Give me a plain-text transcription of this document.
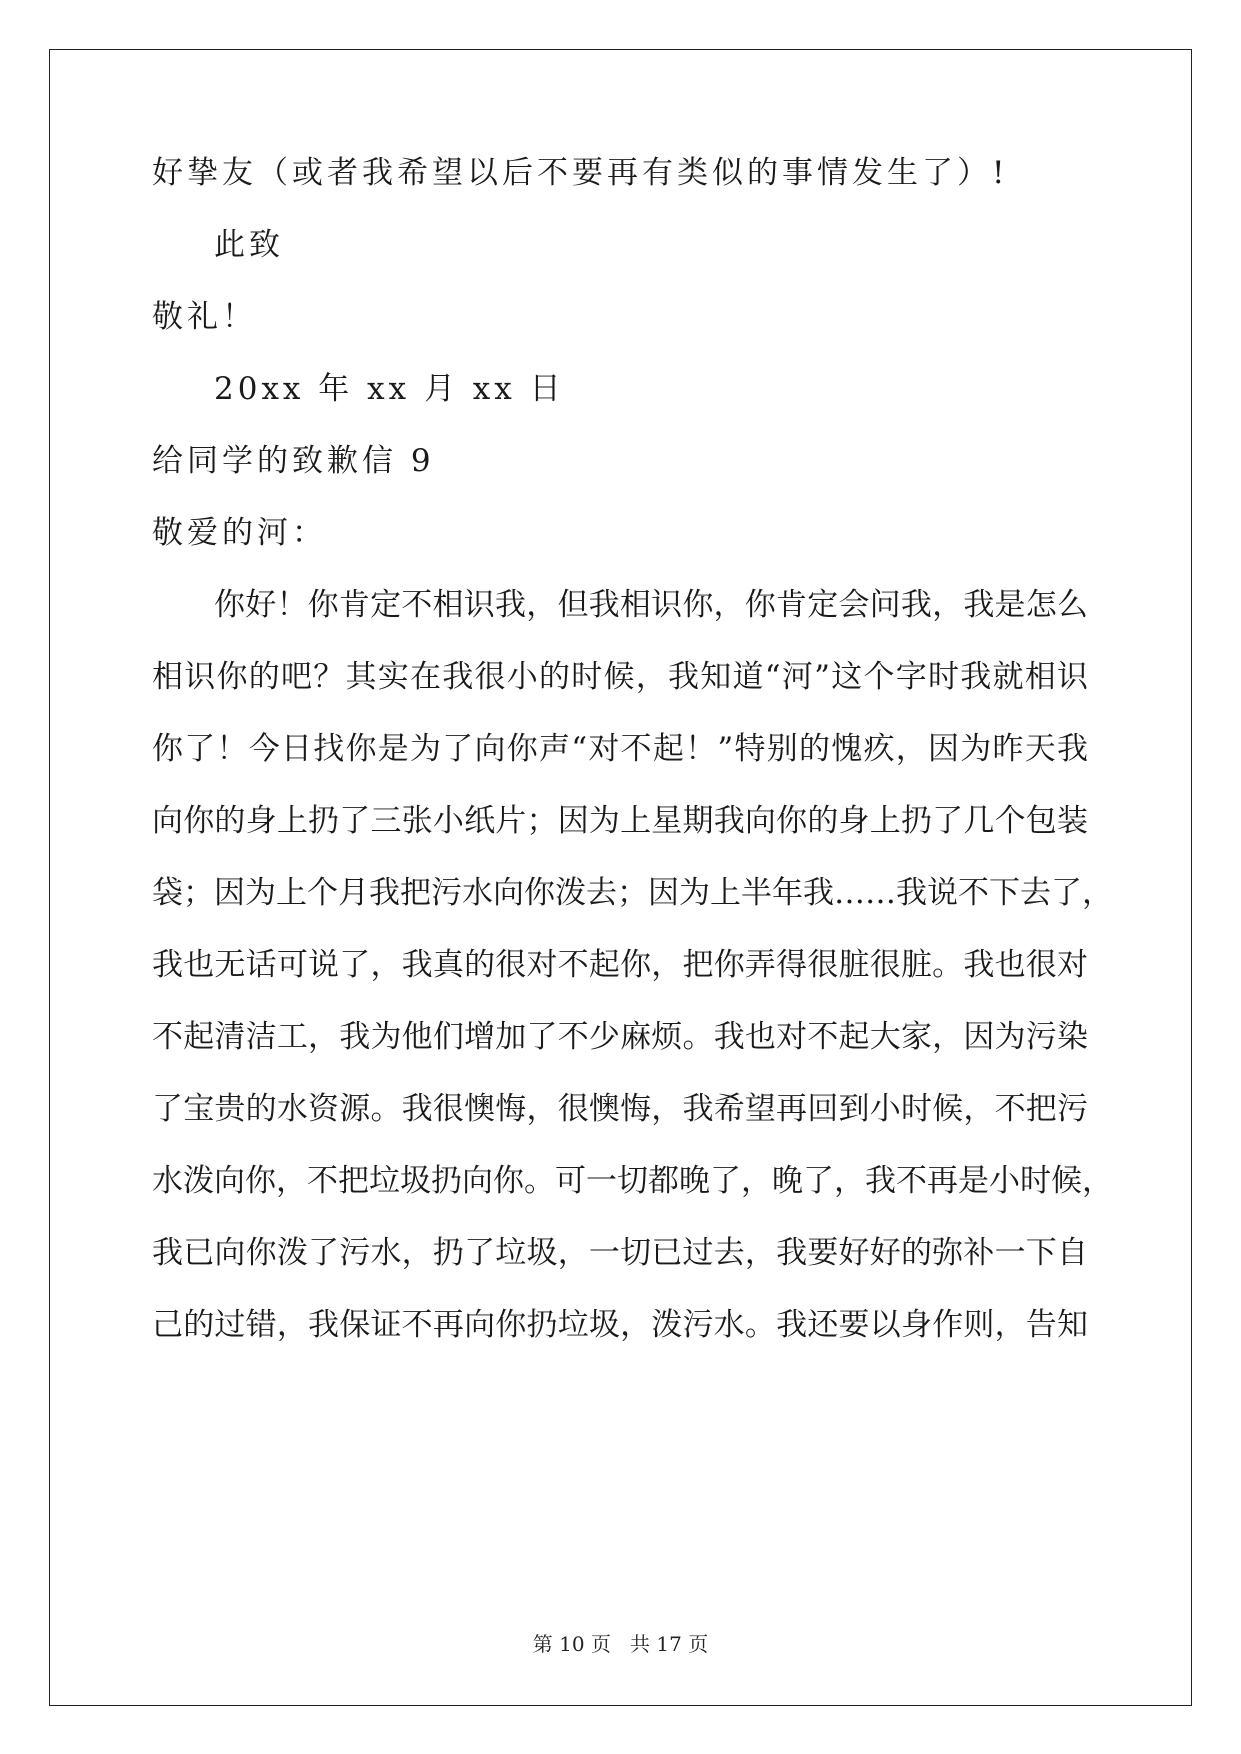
好挚友（或者我希望以后不要再有类似的事情发生了）!
此致
敬礼！
20xx 年 xx 月 xx 日
给同学的致歉信 9
敬爱的河：
你好！你肯定不相识我，但我相识你，你肯定会问我，我是怎么
相识你的吧？其实在我很小的时候，我知道“河”这个字时我就相识
你了！今日找你是为了向你声“对不起！”特别的愧疚，因为昨天我
向你的身上扔了三张小纸片；因为上星期我向你的身上扔了几个包装
袋；因为上个月我把污水向你泼去；因为上半年我……我说不下去了，
我也无话可说了，我真的很对不起你，把你弄得很脏很脏。我也很对
不起清洁工，我为他们增加了不少麻烦。我也对不起大家，因为污染
了宝贵的水资源。我很懊悔，很懊悔，我希望再回到小时候，不把污
水泼向你，不把垃圾扔向你。可一切都晚了，晚了，我不再是小时候，
我已向你泼了污水，扔了垃圾，一切已过去，我要好好的弥补一下自
己的过错，我保证不再向你扔垃圾，泼污水。我还要以身作则，告知
第 10 页   共 17 页
